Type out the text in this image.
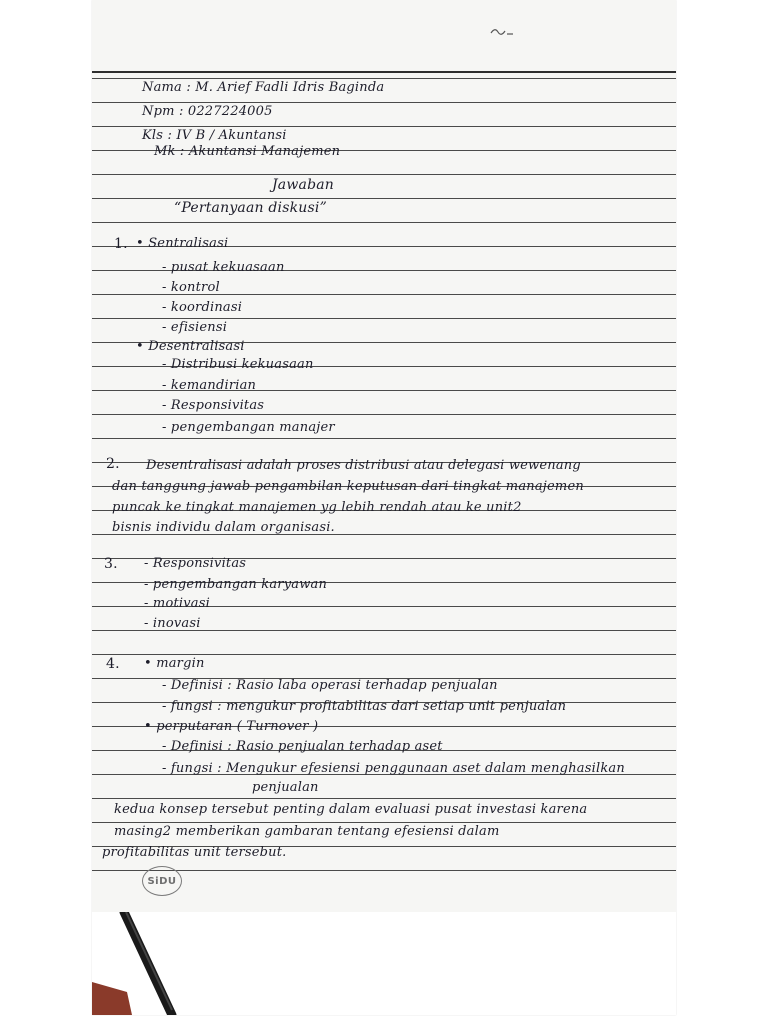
Nama : M. Arief Fadli Idris Baginda
Npm : 0227224005
Kls : IV B / Akuntansi
Mk : Akuntansi Manajemen
Jawaban
“Pertanyaan diskusi”
1. • Sentralisasi
- pusat kekuasaan
- kontrol
- koordinasi
- efisiensi
• Desentralisasi
- Distribusi kekuasaan
- kemandirian
- Responsivitas
- pengembangan manajer
2. Desentralisasi adalah proses distribusi atau delegasi wewenang
dan tanggung jawab pengambilan keputusan dari tingkat manajemen
puncak ke tingkat manajemen yg lebih rendah atau ke unit2
bisnis individu dalam organisasi.
3. - Responsivitas
- pengembangan karyawan
- motivasi
- inovasi
4. • margin
- Definisi : Rasio laba operasi terhadap penjualan
- fungsi : mengukur profitabilitas dari setiap unit penjualan
• perputaran ( Turnover )
- Definisi : Rasio penjualan terhadap aset
- fungsi : Mengukur efesiensi penggunaan aset dalam menghasilkan
penjualan
kedua konsep tersebut penting dalam evaluasi pusat investasi karena
masing2 memberikan gambaran tentang efesiensi dalam
profitabilitas unit tersebut.
SiDU
